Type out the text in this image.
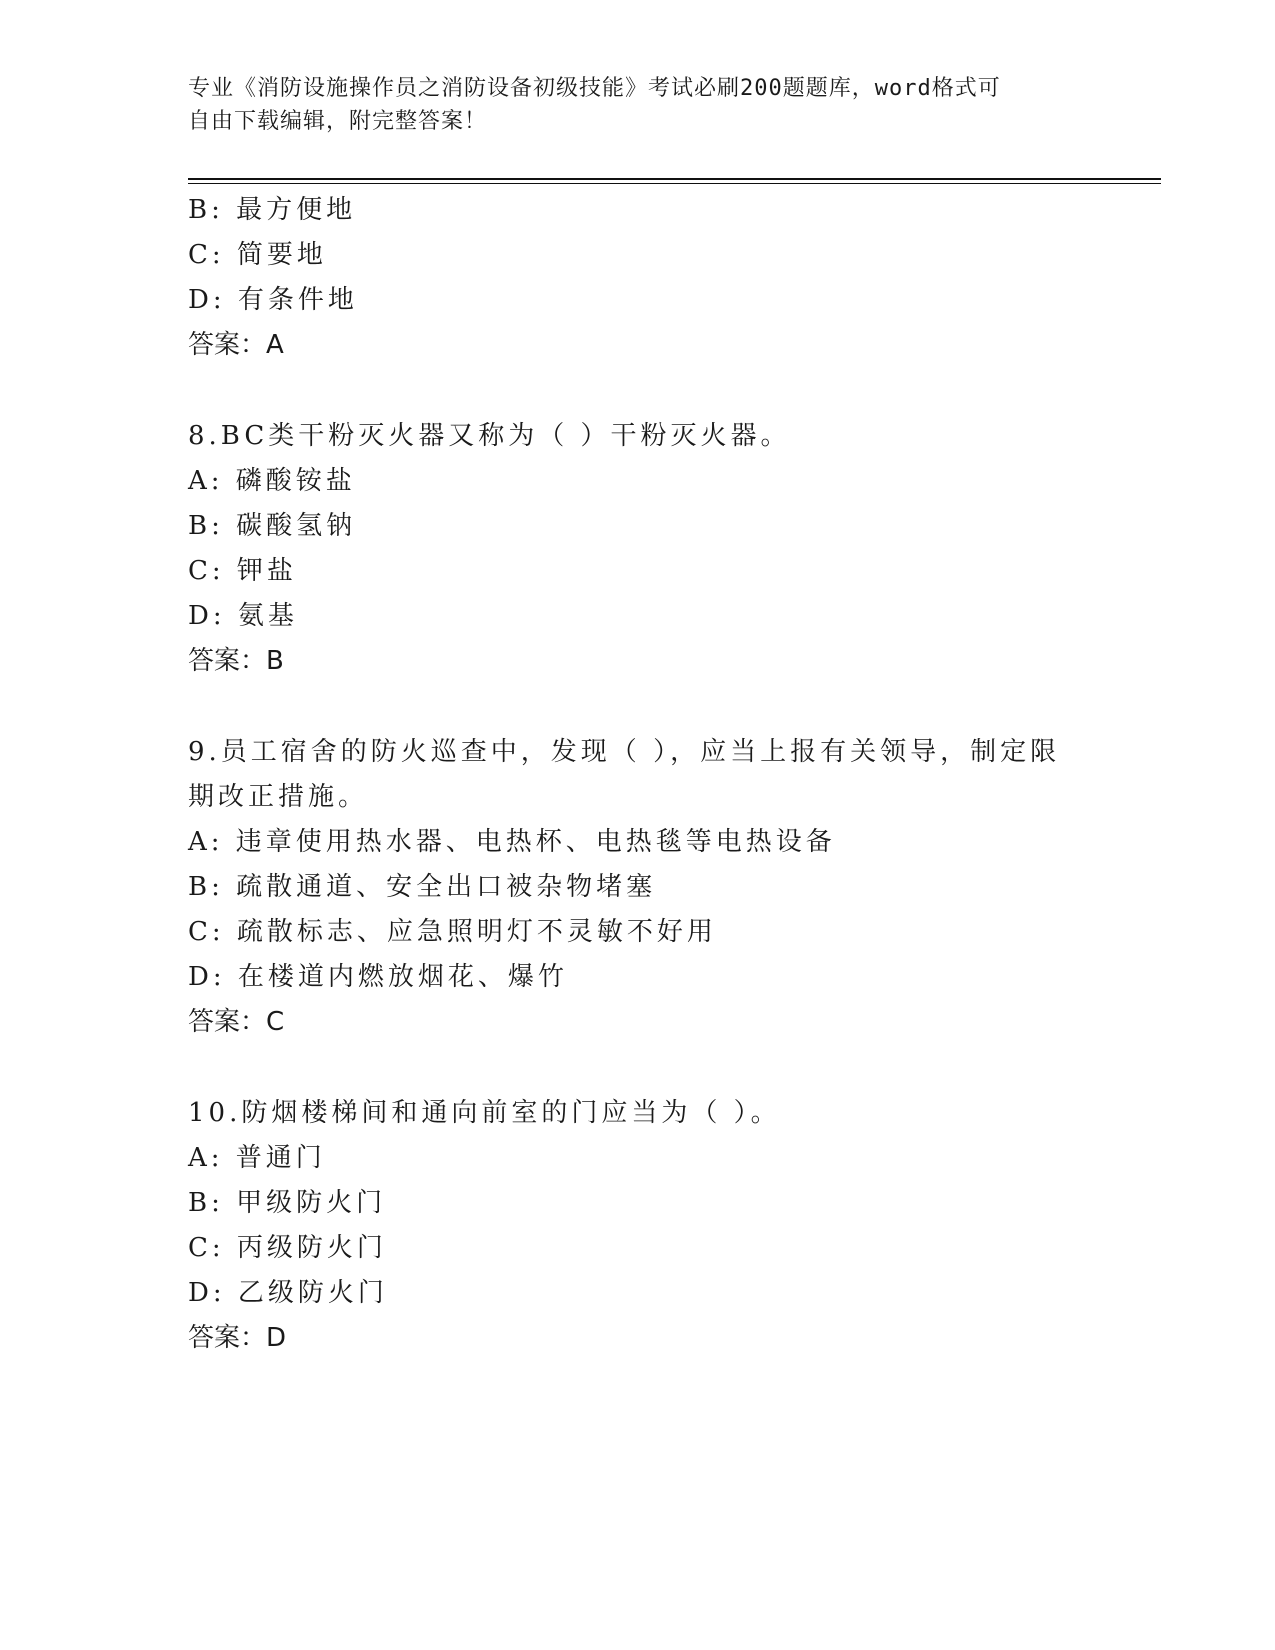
专业《消防设施操作员之消防设备初级技能》考试必刷200题题库，word格式可
自由下载编辑，附完整答案！
B: 最方便地
C: 简要地
D: 有条件地
答案：A
8.BC类干粉灭火器又称为（ ）干粉灭火器。
A: 磷酸铵盐
B: 碳酸氢钠
C: 钾盐
D: 氨基
答案：B
9.员工宿舍的防火巡查中，发现（ ），应当上报有关领导，制定限
期改正措施。
A: 违章使用热水器、电热杯、电热毯等电热设备
B: 疏散通道、安全出口被杂物堵塞
C: 疏散标志、应急照明灯不灵敏不好用
D: 在楼道内燃放烟花、爆竹
答案：C
10.防烟楼梯间和通向前室的门应当为（ ）。
A: 普通门
B: 甲级防火门
C: 丙级防火门
D: 乙级防火门
答案：D
